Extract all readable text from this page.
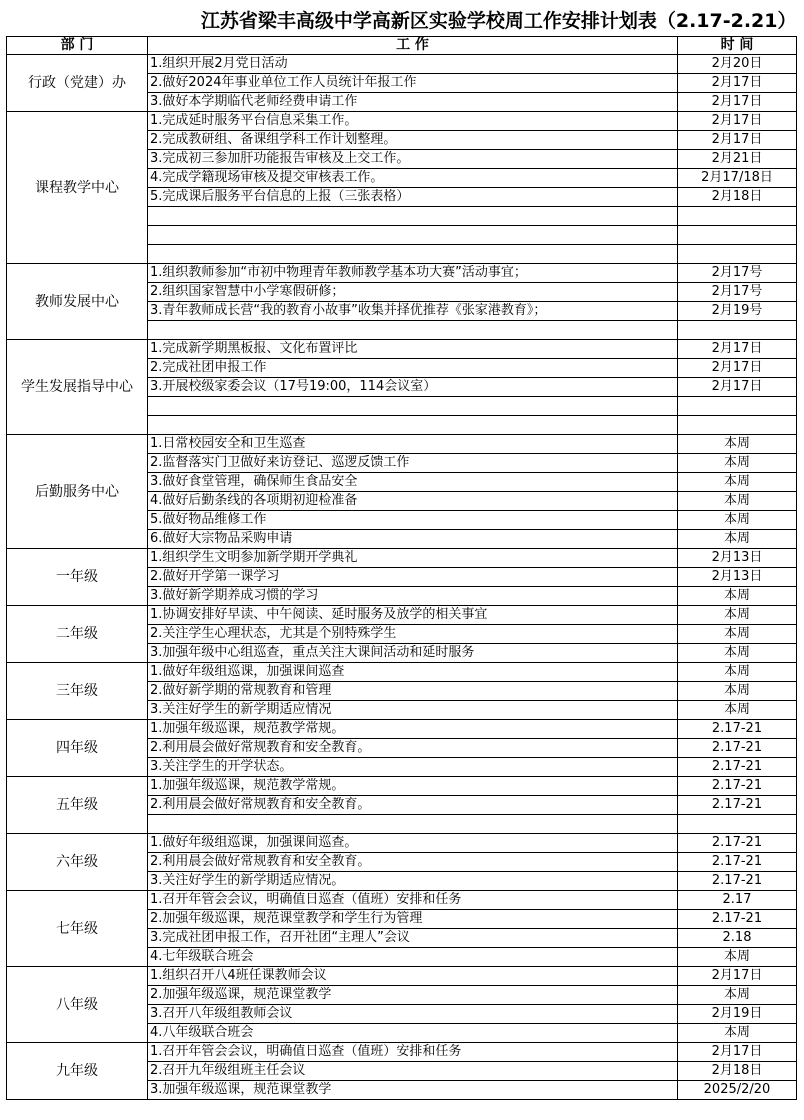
江苏省梁丰高级中学高新区实验学校周工作安排计划表（2.17-2.21）		
部 门	工 作	时 间
行政（党建）办	1.组织开展2月党日活动	2月20日
	2.做好2024年事业单位工作人员统计年报工作	2月17日
	3.做好本学期临代老师经费申请工作	2月17日
课程教学中心	1.完成延时服务平台信息采集工作。	2月17日
	2.完成教研组、备课组学科工作计划整理。	2月17日
	3.完成初三参加肝功能报告审核及上交工作。	2月21日
	4.完成学籍现场审核及提交审核表工作。	2月17/18日
	5.完成课后服务平台信息的上报（三张表格）	2月18日

教师发展中心	1.组织教师参加“市初中物理青年教师教学基本功大赛”活动事宜；	2月17号
	2.组织国家智慧中小学寒假研修；	2月17号
	3.青年教师成长营“我的教育小故事”收集并择优推荐《张家港教育》；	2月19号

学生发展指导中心	1.完成新学期黑板报、文化布置评比	2月17日
	2.完成社团申报工作	2月17日
	3.开展校级家委会议（17号19:00，114会议室）	2月17日

后勤服务中心	1.日常校园安全和卫生巡查	本周
	2.监督落实门卫做好来访登记、巡逻反馈工作	本周
	3.做好食堂管理，确保师生食品安全	本周
	4.做好后勤条线的各项期初迎检准备	本周
	5.做好物品维修工作	本周
	6.做好大宗物品采购申请	本周
一年级	1.组织学生文明参加新学期开学典礼	2月13日
	2.做好开学第一课学习	2月13日
	3.做好新学期养成习惯的学习	本周
二年级	1.协调安排好早读、中午阅读、延时服务及放学的相关事宜	本周
	2.关注学生心理状态，尤其是个别特殊学生	本周
	3.加强年级中心组巡查，重点关注大课间活动和延时服务	本周
三年级	1.做好年级组巡课，加强课间巡查	本周
	2.做好新学期的常规教育和管理	本周
	3.关注好学生的新学期适应情况	本周
四年级	1.加强年级巡课，规范教学常规。	2.17-21
	2.利用晨会做好常规教育和安全教育。	2.17-21
	3.关注学生的开学状态。	2.17-21
五年级	1.加强年级巡课，规范教学常规。	2.17-21
	2.利用晨会做好常规教育和安全教育。	2.17-21

六年级	1.做好年级组巡课，加强课间巡查。	2.17-21
	2.利用晨会做好常规教育和安全教育。	2.17-21
	3.关注好学生的新学期适应情况。	2.17-21
七年级	1.召开年管会会议，明确值日巡查（值班）安排和任务	2.17
	2.加强年级巡课，规范课堂教学和学生行为管理	2.17-21
	3.完成社团申报工作，召开社团“主理人”会议	2.18
	4.七年级联合班会	本周
八年级	1.组织召开八4班任课教师会议	2月17日
	2.加强年级巡课，规范课堂教学	本周
	3.召开八年级组教师会议	2月19日
	4.八年级联合班会	本周
九年级	1.召开年管会会议，明确值日巡查（值班）安排和任务	2月17日
	2.召开九年级组班主任会议	2月18日
	3.加强年级巡课，规范课堂教学	2025/2/20
